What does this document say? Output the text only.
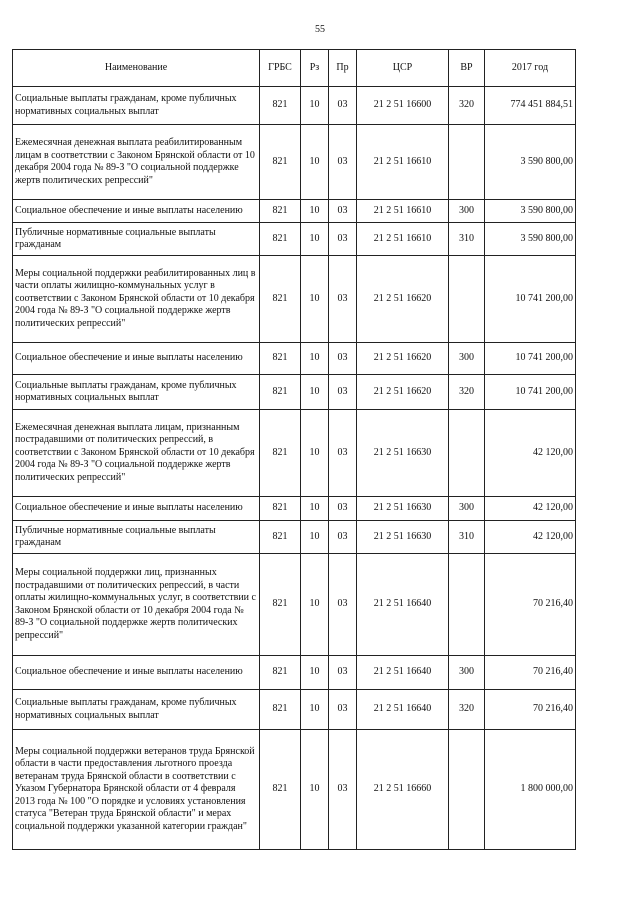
55
Наименование	ГРБС	Рз	Пр	ЦСР	ВР	2017 год
Социальные выплаты гражданам, кроме публичных нормативных социальных выплат	821	10	03	21 2 51 16600	320	774 451 884,51
Ежемесячная денежная выплата реабилитированным лицам в соответствии с Законом Брянской области от 10 декабря 2004 года № 89-З "О социальной поддержке жертв политических репрессий"	821	10	03	21 2 51 16610		3 590 800,00
Социальное обеспечение и иные выплаты населению	821	10	03	21 2 51 16610	300	3 590 800,00
Публичные нормативные социальные выплаты гражданам	821	10	03	21 2 51 16610	310	3 590 800,00
Меры социальной поддержки реабилитированных лиц в части оплаты жилищно-коммунальных услуг в соответствии с Законом Брянской области от 10 декабря 2004 года № 89-З "О социальной поддержке жертв политических репрессий"	821	10	03	21 2 51 16620		10 741 200,00
Социальное обеспечение и иные выплаты населению	821	10	03	21 2 51 16620	300	10 741 200,00
Социальные выплаты гражданам, кроме публичных нормативных социальных выплат	821	10	03	21 2 51 16620	320	10 741 200,00
Ежемесячная денежная выплата лицам, признанным пострадавшими от политических репрессий, в соответствии с Законом Брянской области от 10 декабря 2004 года № 89-З "О социальной поддержке жертв политических репрессий"	821	10	03	21 2 51 16630		42 120,00
Социальное обеспечение и иные выплаты населению	821	10	03	21 2 51 16630	300	42 120,00
Публичные нормативные социальные выплаты гражданам	821	10	03	21 2 51 16630	310	42 120,00
Меры социальной поддержки лиц, признанных пострадавшими от политических репрессий, в части оплаты жилищно-коммунальных услуг, в соответствии с Законом Брянской области от 10 декабря 2004 года № 89-З "О социальной поддержке жертв политических репрессий"	821	10	03	21 2 51 16640		70 216,40
Социальное обеспечение и иные выплаты населению	821	10	03	21 2 51 16640	300	70 216,40
Социальные выплаты гражданам, кроме публичных нормативных социальных выплат	821	10	03	21 2 51 16640	320	70 216,40
Меры социальной поддержки ветеранов труда Брянской области в части предоставления льготного проезда ветеранам труда Брянской области в соответствии с Указом Губернатора Брянской области от 4 февраля 2013 года № 100 "О порядке и условиях установления статуса "Ветеран труда Брянской области" и мерах социальной поддержки указанной категории граждан"	821	10	03	21 2 51 16660		1 800 000,00
